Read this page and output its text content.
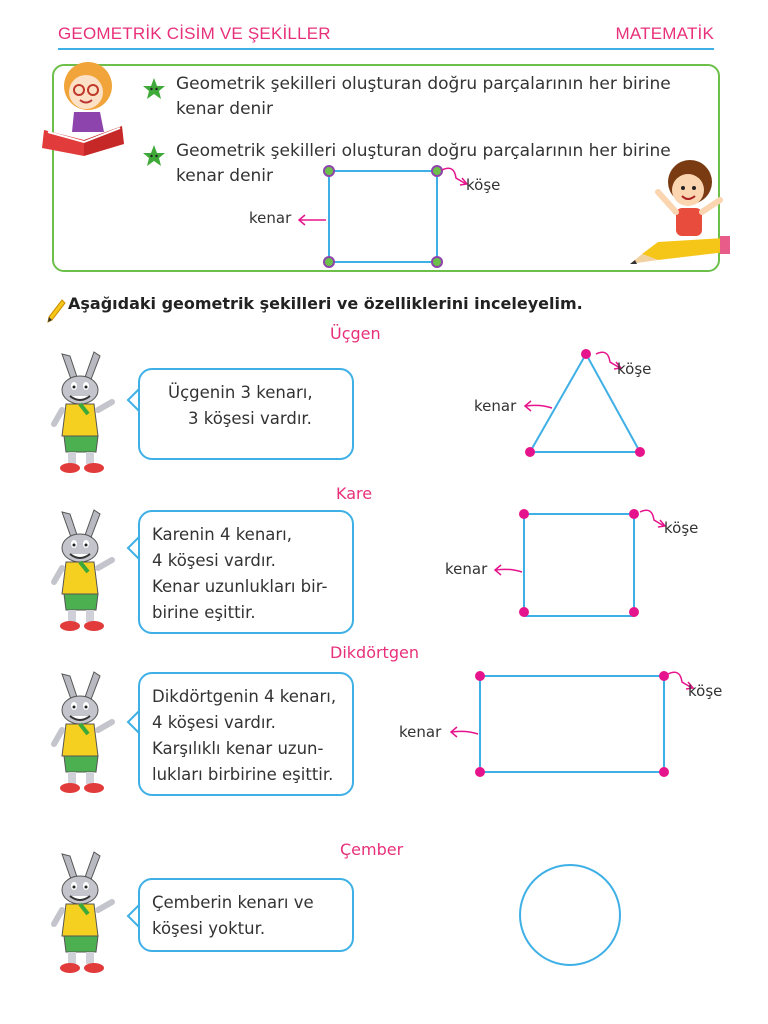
GEOMETRİK CİSİM VE ŞEKİLLER	MATEMATİK
Geometrik şekilleri oluşturan doğru parçalarının her birine kenar denir
Geometrik şekilleri oluşturan doğru parçalarının her birine kenar denir	köşe
kenar
Aşağıdaki geometrik şekilleri ve özelliklerini inceleyelim.
Üçgen
Kare
Dikdörtgen
Çember
Üçgenin 3 kenarı,
3 köşesi vardır.
Karenin 4 kenarı,
4 köşesi vardır.
Kenar uzunlukları bir-
birine eşittir.
Dikdörtgenin 4 kenarı,
4 köşesi vardır.
Karşılıklı kenar uzun-
lukları birbirine eşittir.
Çemberin kenarı ve
köşesi yoktur.
köşe
kenar
köşe
kenar
köşe
kenar
